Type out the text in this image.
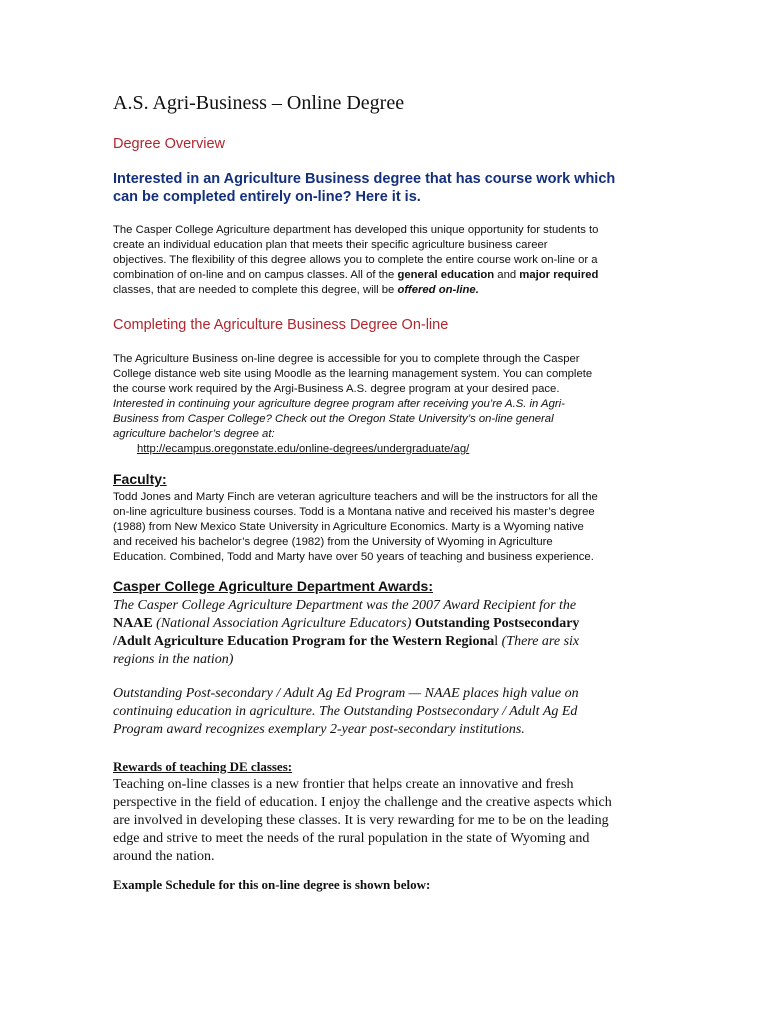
A.S. Agri-Business – Online Degree
Degree Overview
Interested in an Agriculture Business degree that has course work which
can be completed entirely on-line? Here it is.
The Casper College Agriculture department has developed this unique opportunity for students to
create an individual education plan that meets their specific agriculture business career
objectives. The flexibility of this degree allows you to complete the entire course work on-line or a
combination of on-line and on campus classes. All of the general education and major required
classes, that are needed to complete this degree, will be offered on-line.
Completing the Agriculture Business Degree On-line
The Agriculture Business on-line degree is accessible for you to complete through the Casper
College distance web site using Moodle as the learning management system. You can complete
the course work required by the Argi-Business A.S. degree program at your desired pace.
Interested in continuing your agriculture degree program after receiving you’re A.S. in Agri-
Business from Casper College? Check out the Oregon State University’s on-line general
agriculture bachelor’s degree at:
http://ecampus.oregonstate.edu/online-degrees/undergraduate/ag/
Faculty:
Todd Jones and Marty Finch are veteran agriculture teachers and will be the instructors for all the
on-line agriculture business courses. Todd is a Montana native and received his master’s degree
(1988) from New Mexico State University in Agriculture Economics. Marty is a Wyoming native
and received his bachelor’s degree (1982) from the University of Wyoming in Agriculture
Education. Combined, Todd and Marty have over 50 years of teaching and business experience.
Casper College Agriculture Department Awards:
The Casper College Agriculture Department was the 2007 Award Recipient for the
NAAE (National Association Agriculture Educators) Outstanding Postsecondary
/Adult Agriculture Education Program for the Western Regional (There are six
regions in the nation)
Outstanding Post-secondary / Adult Ag Ed Program — NAAE places high value on
continuing education in agriculture. The Outstanding Postsecondary / Adult Ag Ed
Program award recognizes exemplary 2-year post-secondary institutions.
Rewards of teaching DE classes:
Teaching on-line classes is a new frontier that helps create an innovative and fresh
perspective in the field of education. I enjoy the challenge and the creative aspects which
are involved in developing these classes. It is very rewarding for me to be on the leading
edge and strive to meet the needs of the rural population in the state of Wyoming and
around the nation.
Example Schedule for this on-line degree is shown below:
